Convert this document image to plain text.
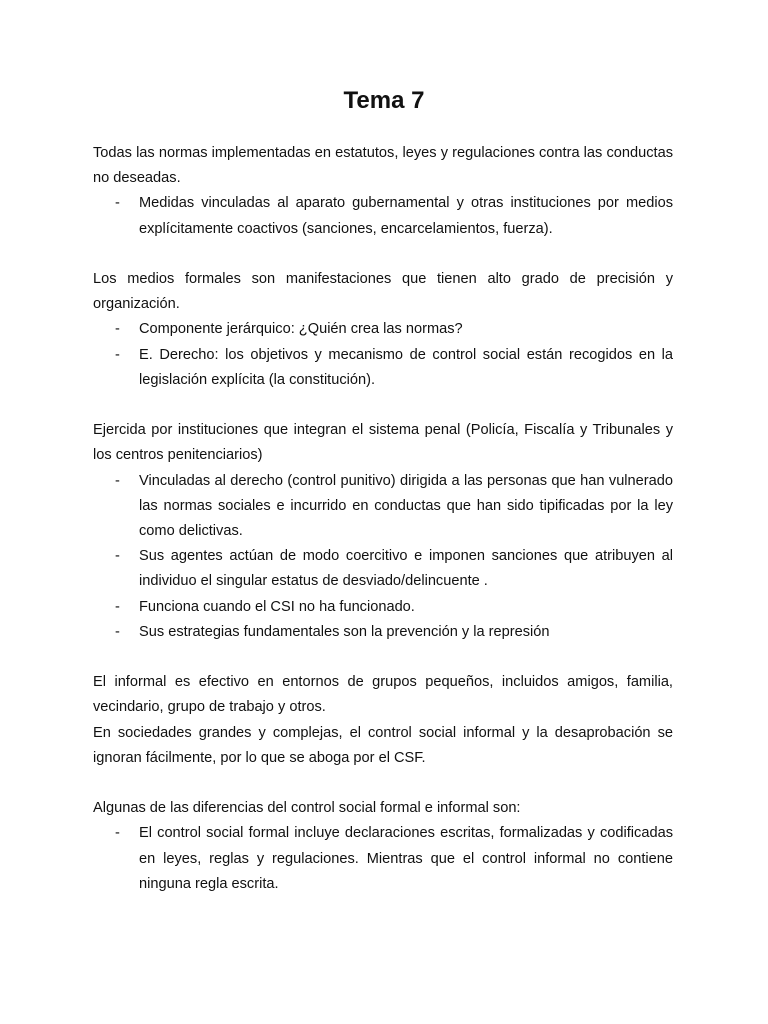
Tema 7

Todas las normas implementadas en estatutos, leyes y regulaciones contra las conductas no deseadas.

- Medidas vinculadas al aparato gubernamental y otras instituciones por medios explícitamente coactivos (sanciones, encarcelamientos, fuerza).

Los medios formales son manifestaciones que tienen alto grado de precisión y organización.

- Componente jerárquico: ¿Quién crea las normas?
- E. Derecho: los objetivos y mecanismo de control social están recogidos en la legislación explícita (la constitución).

Ejercida por instituciones que integran el sistema penal (Policía, Fiscalía y Tribunales y los centros penitenciarios)

- Vinculadas al derecho (control punitivo) dirigida a las personas que han vulnerado las normas sociales e incurrido en conductas que han sido tipificadas por la ley como delictivas.
- Sus agentes actúan de modo coercitivo e imponen sanciones que atribuyen al individuo el singular estatus de desviado/delincuente .
- Funciona cuando el CSI no ha funcionado.
- Sus estrategias fundamentales son la prevención y la represión

El informal es efectivo en entornos de grupos pequeños, incluidos amigos, familia, vecindario, grupo de trabajo y otros.

En sociedades grandes y complejas, el control social informal y la desaprobación se ignoran fácilmente, por lo que se aboga por el CSF.

Algunas de las diferencias del control social formal e informal son:

- El control social formal incluye declaraciones escritas, formalizadas y codificadas en leyes, reglas y regulaciones. Mientras que el control informal no contiene ninguna regla escrita.
